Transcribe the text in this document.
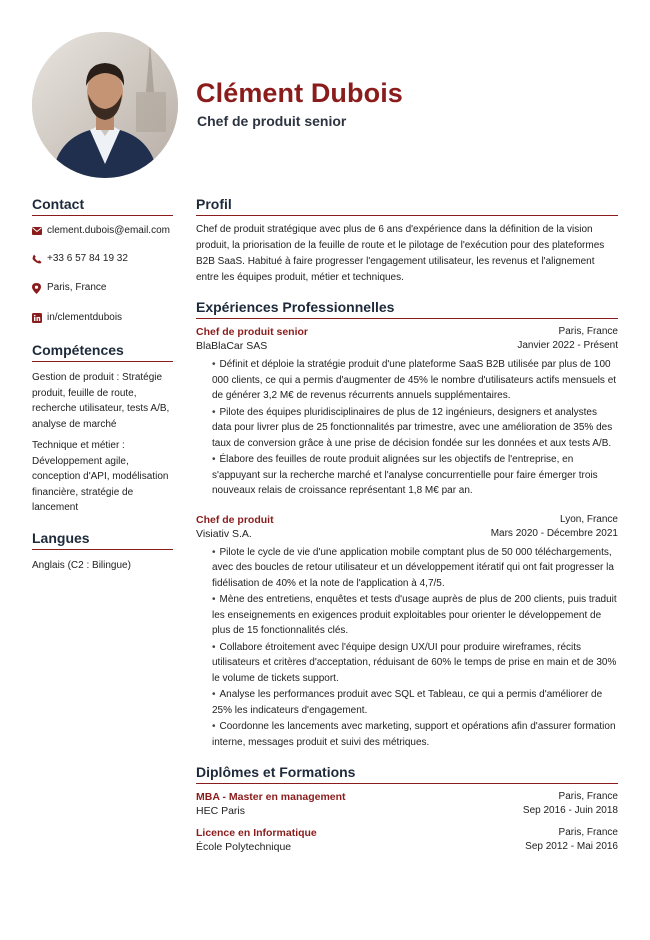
Clément Dubois
Chef de produit senior
Contact
clement.dubois@email.com
+33 6 57 84 19 32
Paris, France
in/clementdubois
Compétences

Gestion de produit : Stratégie produit, feuille de route, recherche utilisateur, tests A/B, analyse de marché

Technique et métier : Développement agile, conception d'API, modélisation financière, stratégie de lancement

Langues

Anglais (C2 : Bilingue)

Profil

Chef de produit stratégique avec plus de 6 ans d'expérience dans la définition de la vision produit, la priorisation de la feuille de route et le pilotage de l'exécution pour des plateformes B2B SaaS. Habitué à faire progresser l'engagement utilisateur, les revenus et l'alignement entre les équipes produit, métier et techniques.

Expériences Professionnelles
Chef de produit senior	Paris, France
BlaBlaCar SAS	Janvier 2022 - Présent
• Définit et déploie la stratégie produit d'une plateforme SaaS B2B utilisée par plus de 100 000 clients, ce qui a permis d'augmenter de 45% le nombre d'utilisateurs actifs mensuels et de générer 3,2 M€ de revenus récurrents annuels supplémentaires.
• Pilote des équipes pluridisciplinaires de plus de 12 ingénieurs, designers et analystes data pour livrer plus de 25 fonctionnalités par trimestre, avec une amélioration de 35% des taux de conversion grâce à une prise de décision fondée sur les données et aux tests A/B.
• Élabore des feuilles de route produit alignées sur les objectifs de l'entreprise, en s'appuyant sur la recherche marché et l'analyse concurrentielle pour faire émerger trois nouveaux relais de croissance représentant 1,8 M€ par an.
Chef de produit	Lyon, France
Visiativ S.A.	Mars 2020 - Décembre 2021
• Pilote le cycle de vie d'une application mobile comptant plus de 50 000 téléchargements, avec des boucles de retour utilisateur et un développement itératif qui ont fait progresser la fidélisation de 40% et la note de l'application à 4,7/5.
• Mène des entretiens, enquêtes et tests d'usage auprès de plus de 200 clients, puis traduit les enseignements en exigences produit exploitables pour orienter le développement de plus de 15 fonctionnalités clés.
• Collabore étroitement avec l'équipe design UX/UI pour produire wireframes, récits utilisateurs et critères d'acceptation, réduisant de 60% le temps de prise en main et de 30% le volume de tickets support.
• Analyse les performances produit avec SQL et Tableau, ce qui a permis d'améliorer de 25% les indicateurs d'engagement.
• Coordonne les lancements avec marketing, support et opérations afin d'assurer formation interne, messages produit et suivi des métriques.
Diplômes et Formations
MBA - Master en management	Paris, France
HEC Paris	Sep 2016 - Juin 2018
Licence en Informatique	Paris, France
École Polytechnique	Sep 2012 - Mai 2016
